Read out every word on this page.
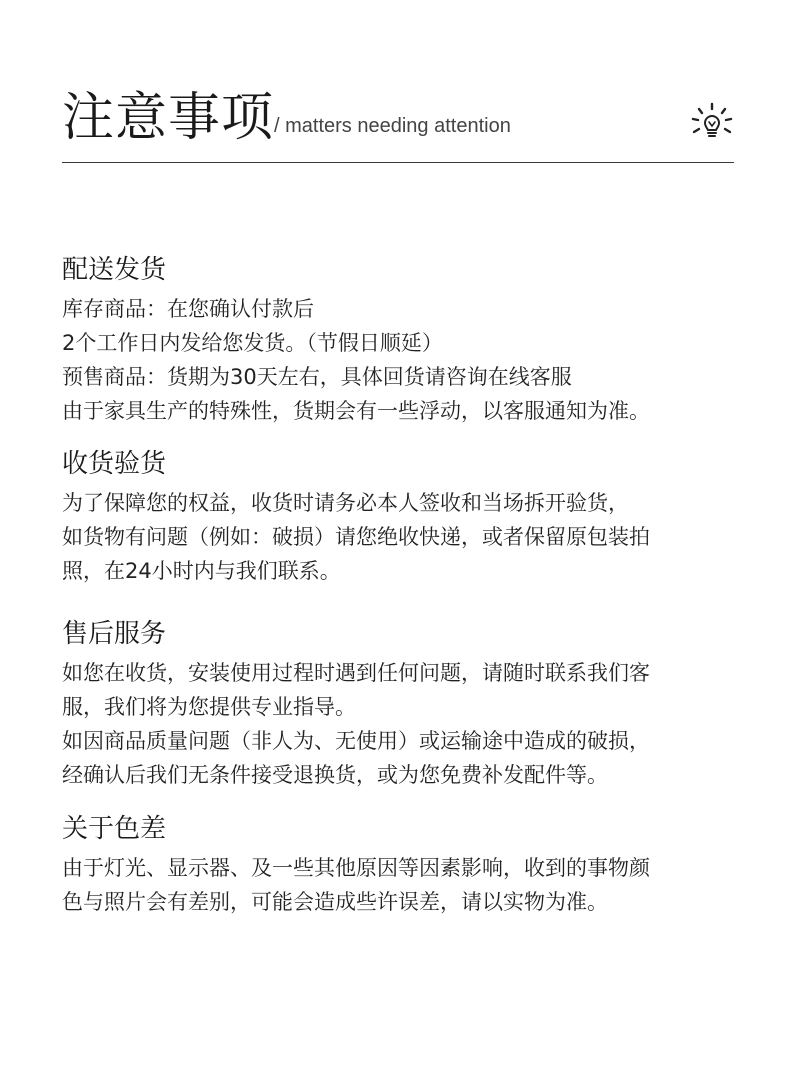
注意事项 / matters needing attention
配送发货

库存商品：在您确认付款后

2个工作日内发给您发货。（节假日顺延）

预售商品：货期为30天左右，具体回货请咨询在线客服

由于家具生产的特殊性，货期会有一些浮动，以客服通知为准。

收货验货

为了保障您的权益，收货时请务必本人签收和当场拆开验货，

如货物有问题（例如：破损）请您绝收快递，或者保留原包装拍

照，在24小时内与我们联系。

售后服务

如您在收货，安装使用过程时遇到任何问题，请随时联系我们客

服，我们将为您提供专业指导。

如因商品质量问题（非人为、无使用）或运输途中造成的破损，

经确认后我们无条件接受退换货，或为您免费补发配件等。

关于色差

由于灯光、显示器、及一些其他原因等因素影响，收到的事物颜

色与照片会有差别，可能会造成些许误差，请以实物为准。
